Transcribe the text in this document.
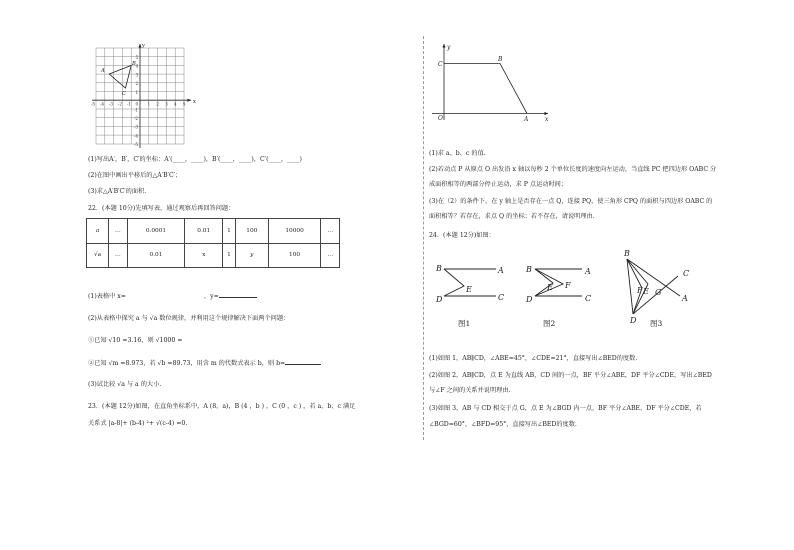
x
y
A
B
C
-5 -4 -3 -2 -1 0 1 2 3 4 5
5
4
3
2
1
-1
-2
-3
-4
-5
(1)写出A′，B′，C′的坐标：A′(____，____)，B′(____，____)，C′(____，____)
(2)在图中画出平移后的△A′B′C′；
(3)求△A′B′C′的面积.
22．(本题 10分)先填写表，通过观察后再回答问题：
a	…	0.0001	0.01	1	100	10000	…
√a	…	0.01	x	1	y	100	…
(1)表格中 x=	，y=
(2)从表格中探究 a 与 √a 数位规律，并利用这个规律解决下面两个问题：
①已知 √10 ≈3.16，则 √1000 ≈
②已知 √m =8.973，若 √b =89.73，用含 m 的代数式表示 b，则 b=
(3)试比较 √a 与 a 的大小.
23．(本题 12分)如图，在直角坐标系中，A (8，a)，B (4 ，b ) ，C (0 ，c ) ，若 a、b、c 满足
关系式 |a-8|+ (b-4) ²+ √(c-4) =0.
y
x
O	A
B
C
(1)求 a、b、c 的值.
(2)若动点 P 从原点 O 出发沿 x 轴以每秒 2 个单位长度的速度向左运动，当直线 PC 把四边形 OABC 分
成面积相等的两部分停止运动，求 P 点运动时间；
(3)在（2）的条件下，在 y 轴上是否存在一点 Q，连接 PQ，使三角形 CPQ 的面积与四边形 OABC 的
面积相等？若存在，求点 Q 的坐标；若不存在，请说明理由.
24．(本题 12分)如图：
B	A
E
D	C
B	A
E F
D	C
B
C
F E G
A
D
图1	图2	图3
(1)如图 1，AB∥CD，∠ABE=45°，∠CDE=21°，直接写出∠BED的度数.
(2)如图 2，AB∥CD，点 E 为直线 AB，CD 间的一点，BF 平分∠ABE，DF 平分∠CDE，写出∠BED
与∠F 之间的关系并说明理由.
(3)如图 3，AB 与 CD 相交于点 G，点 E 为∠BGD 内一点，BF 平分∠ABE，DF 平分∠CDE，若
∠BGD=60°，∠BFD=95°，直接写出∠BED的度数.
